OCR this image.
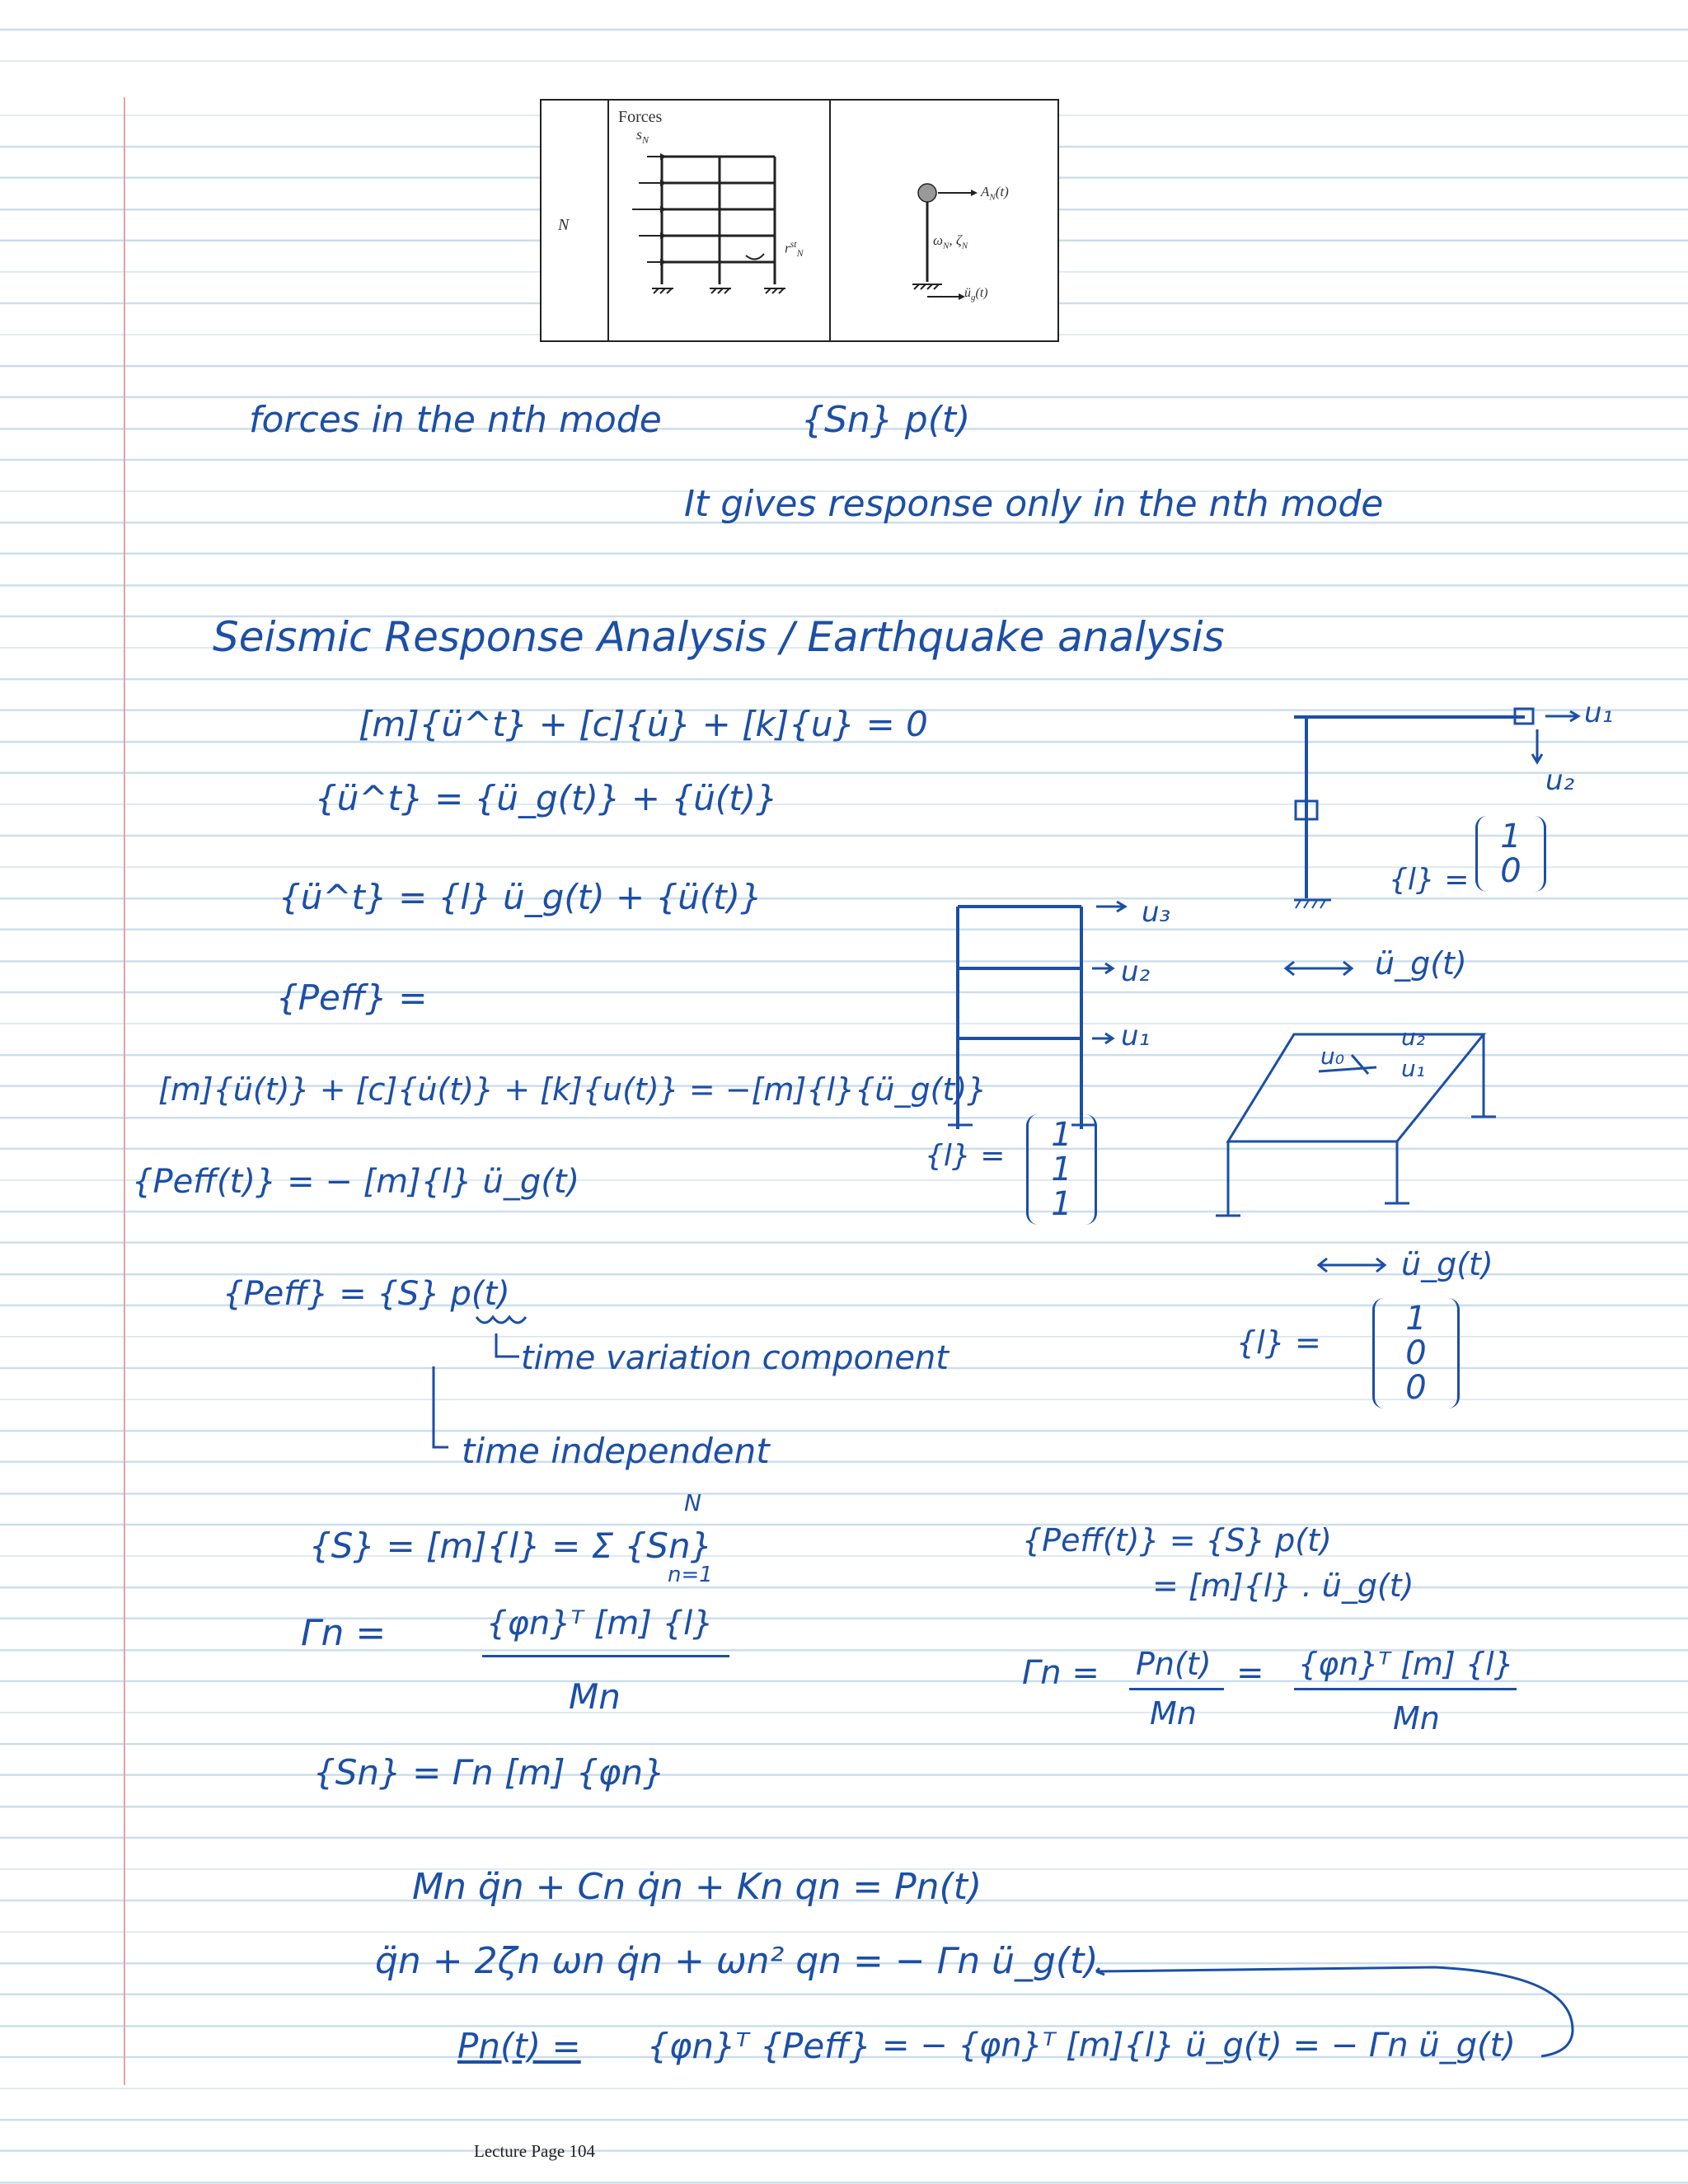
Forces
$s_N$
N
$r^{st}_N$
$A_N(t)$
$\omega_N$, $\zeta_N$
$ü_g(t)$
forces in the nth mode	{Sn} p(t)
It gives response only in the nth mode
Seismic Response Analysis / Earthquake analysis
[m]{ü^t} + [c]{u̇} + [k]{u} = 0
{ü^t} = {ü_g(t)} + {ü(t)}
{ü^t} = {l} ü_g(t) + {ü(t)}
{Peff} =
[m]{ü(t)} + [c]{u̇(t)} + [k]{u(t)} = −[m]{l}{ü_g(t)}
{Peff(t)} = − [m]{l} ü_g(t)
{Peff} = {S} p(t)
time variation component
time independent
N
{S} = [m]{l} = Σ {Sn}
n=1
Γn =	{φn}ᵀ [m] {l}
Mn
{Sn} = Γn [m] {φn}
{Peff(t)} = {S} p(t)
= [m]{l} . ü_g(t)
Γn = Pn(t)
Mn
= {φn}ᵀ [m] {l}
Mn
Mn q̈n + Cn q̇n + Kn qn = Pn(t)
q̈n + 2ζn ωn q̇n + ωn² qn = − Γn ü_g(t)
Pn(t) = {φn}ᵀ {Peff} = − {φn}ᵀ [m]{l} ü_g(t) = − Γn ü_g(t)
u₁
u₂
{l} =
1
0
ü_g(t)
u₃
u₂
u₁
{l} =
1
1
1
u₀
u₂
u₁
ü_g(t)
{l} =
1
0
0
Lecture Page 104
